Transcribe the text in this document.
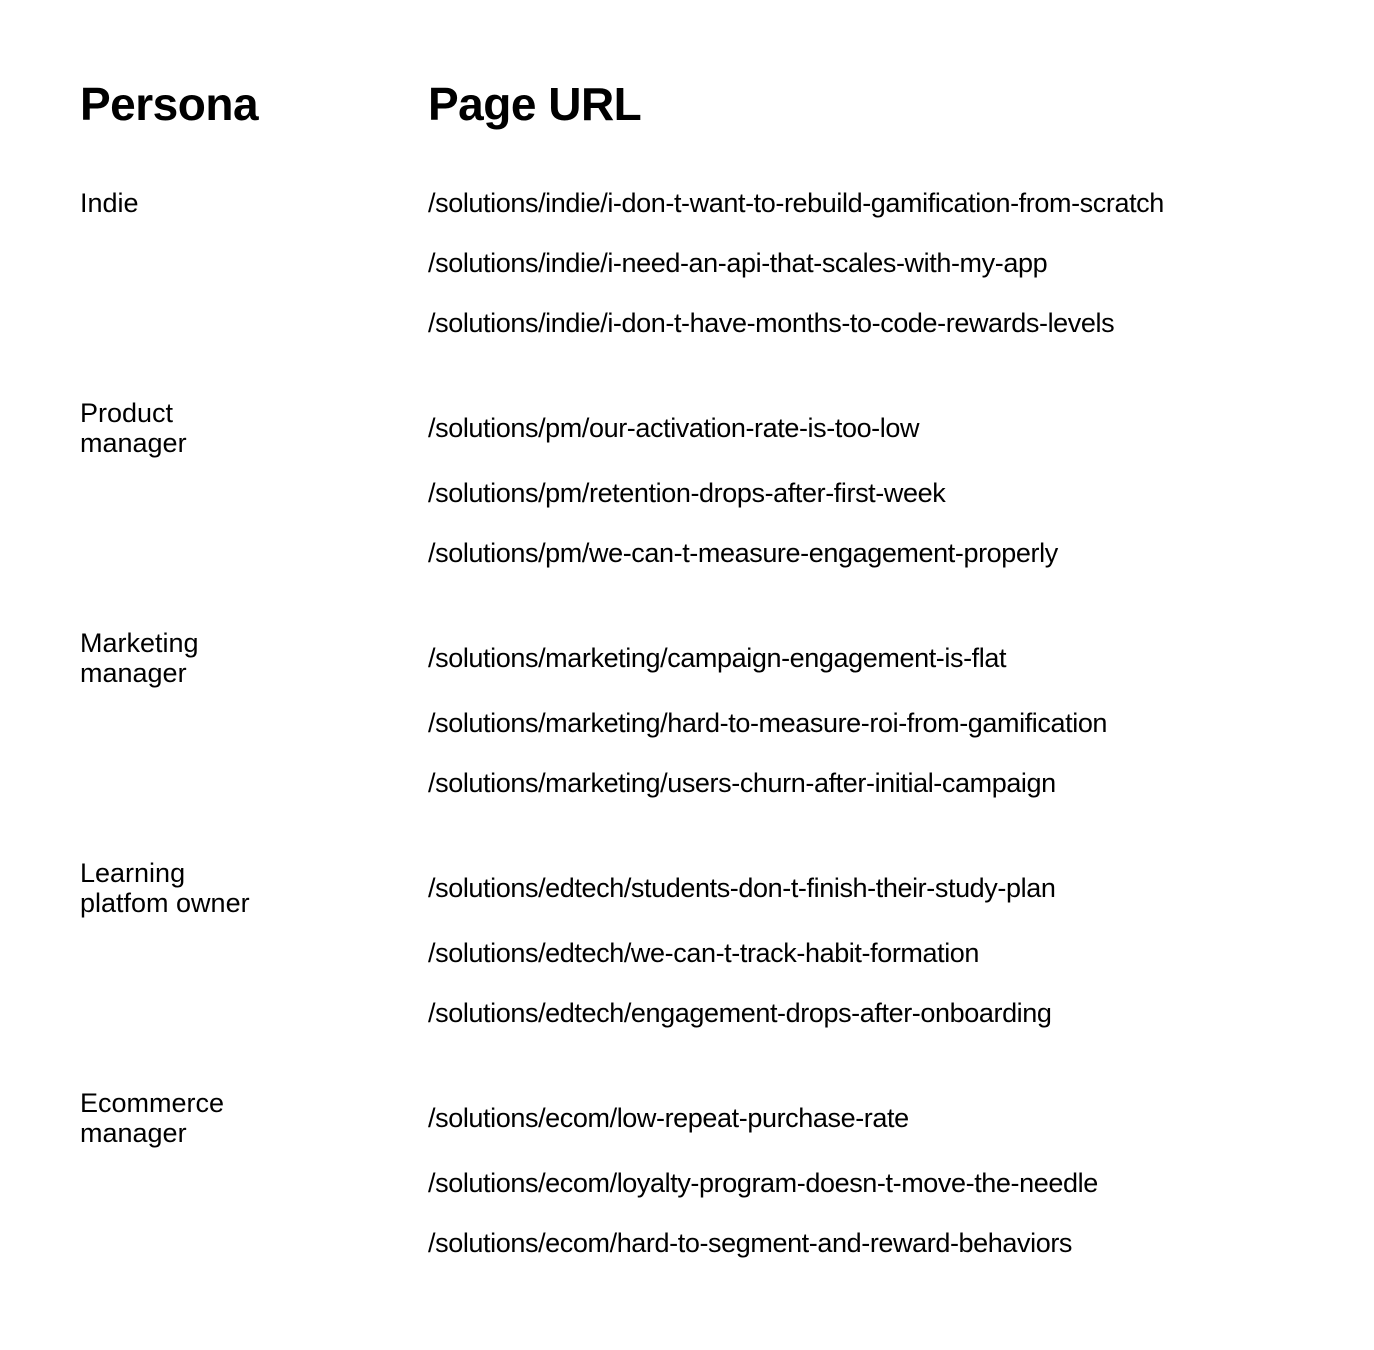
Persona	Page URL
Indie	/solutions/indie/i-don-t-want-to-rebuild-gamification-from-scratch
/solutions/indie/i-need-an-api-that-scales-with-my-app
/solutions/indie/i-don-t-have-months-to-code-rewards-levels
Product
manager	/solutions/pm/our-activation-rate-is-too-low
/solutions/pm/retention-drops-after-first-week
/solutions/pm/we-can-t-measure-engagement-properly
Marketing
manager	/solutions/marketing/campaign-engagement-is-flat
/solutions/marketing/hard-to-measure-roi-from-gamification
/solutions/marketing/users-churn-after-initial-campaign
Learning
platfom owner	/solutions/edtech/students-don-t-finish-their-study-plan
/solutions/edtech/we-can-t-track-habit-formation
/solutions/edtech/engagement-drops-after-onboarding
Ecommerce
manager	/solutions/ecom/low-repeat-purchase-rate
/solutions/ecom/loyalty-program-doesn-t-move-the-needle
/solutions/ecom/hard-to-segment-and-reward-behaviors
